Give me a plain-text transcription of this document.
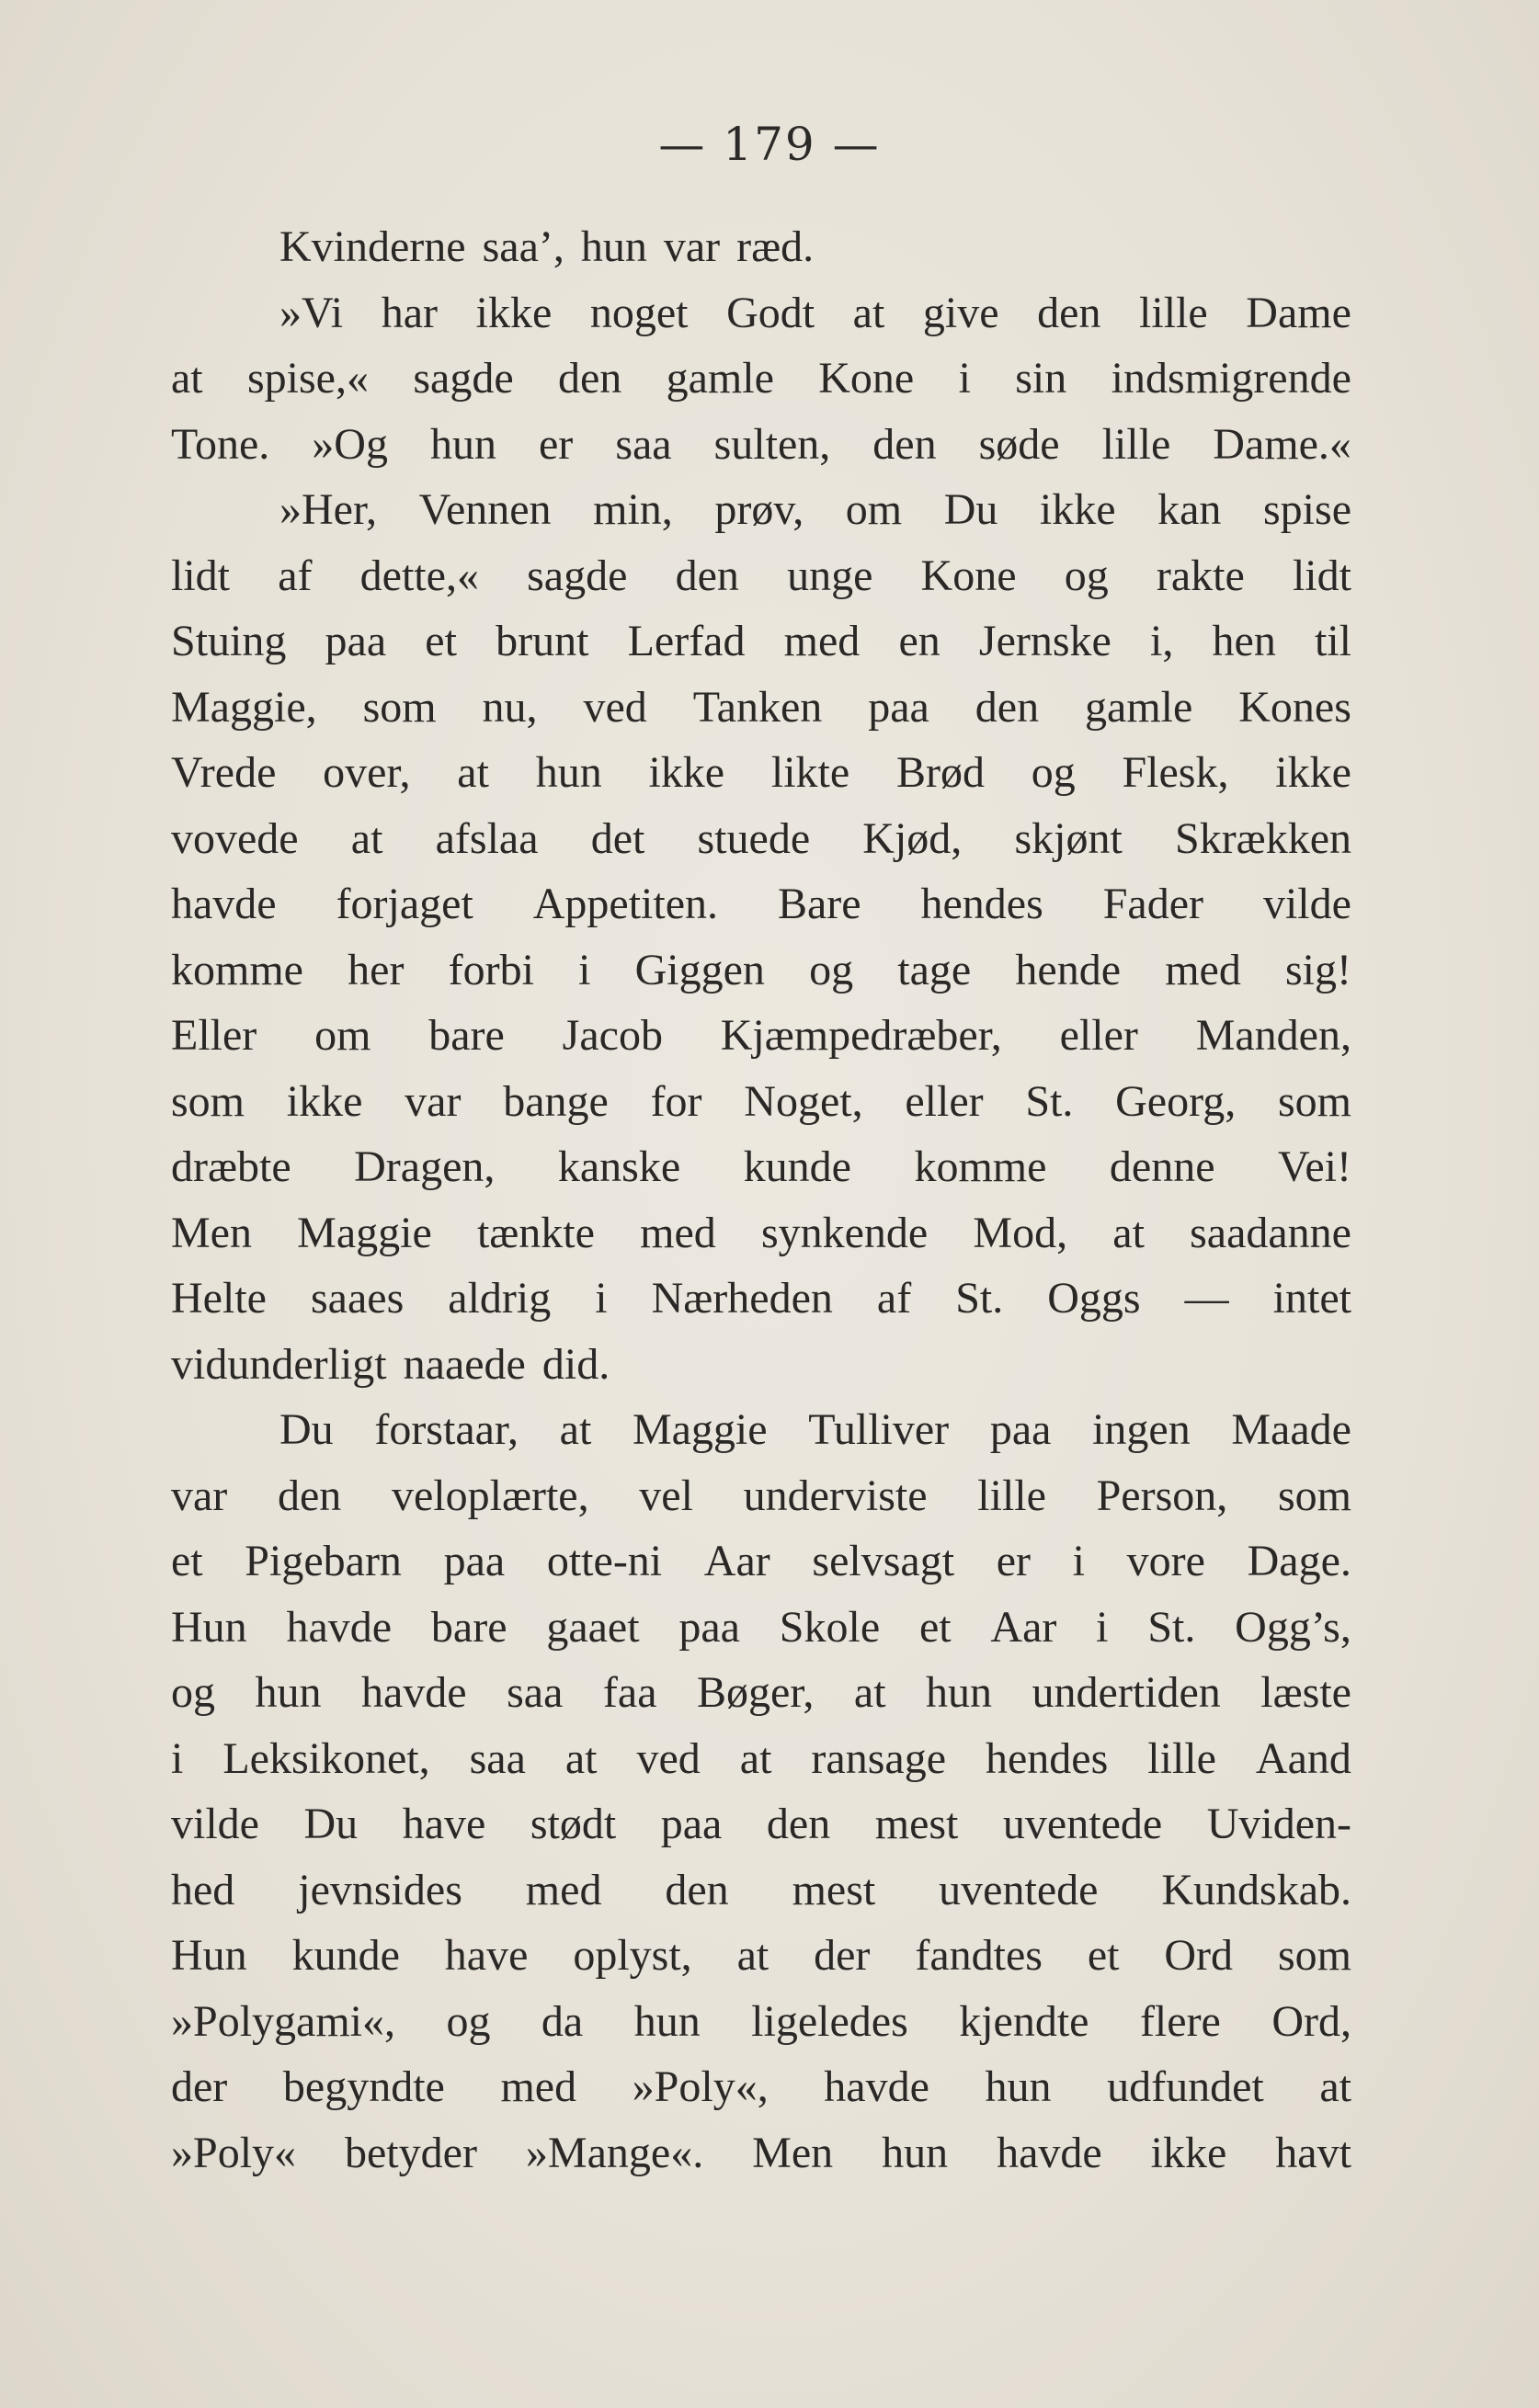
— 179 —
Kvinderne saa’, hun var ræd.
»Vi har ikke noget Godt at give den lille Dame
at spise,« sagde den gamle Kone i sin indsmigrende
Tone. »Og hun er saa sulten, den søde lille Dame.«
»Her, Vennen min, prøv, om Du ikke kan spise
lidt af dette,« sagde den unge Kone og rakte lidt
Stuing paa et brunt Lerfad med en Jernske i, hen til
Maggie, som nu, ved Tanken paa den gamle Kones
Vrede over, at hun ikke likte Brød og Flesk, ikke
vovede at afslaa det stuede Kjød, skjønt Skrækken
havde forjaget Appetiten. Bare hendes Fader vilde
komme her forbi i Giggen og tage hende med sig!
Eller om bare Jacob Kjæmpedræber, eller Manden,
som ikke var bange for Noget, eller St. Georg, som
dræbte Dragen, kanske kunde komme denne Vei!
Men Maggie tænkte med synkende Mod, at saadanne
Helte saaes aldrig i Nærheden af St. Oggs — intet
vidunderligt naaede did.
Du forstaar, at Maggie Tulliver paa ingen Maade
var den veloplærte, vel underviste lille Person, som
et Pigebarn paa otte-ni Aar selvsagt er i vore Dage.
Hun havde bare gaaet paa Skole et Aar i St. Ogg’s,
og hun havde saa faa Bøger, at hun undertiden læste
i Leksikonet, saa at ved at ransage hendes lille Aand
vilde Du have stødt paa den mest uventede Uviden-
hed jevnsides med den mest uventede Kundskab.
Hun kunde have oplyst, at der fandtes et Ord som
»Polygami«, og da hun ligeledes kjendte flere Ord,
der begyndte med »Poly«, havde hun udfundet at
»Poly« betyder »Mange«. Men hun havde ikke havt
